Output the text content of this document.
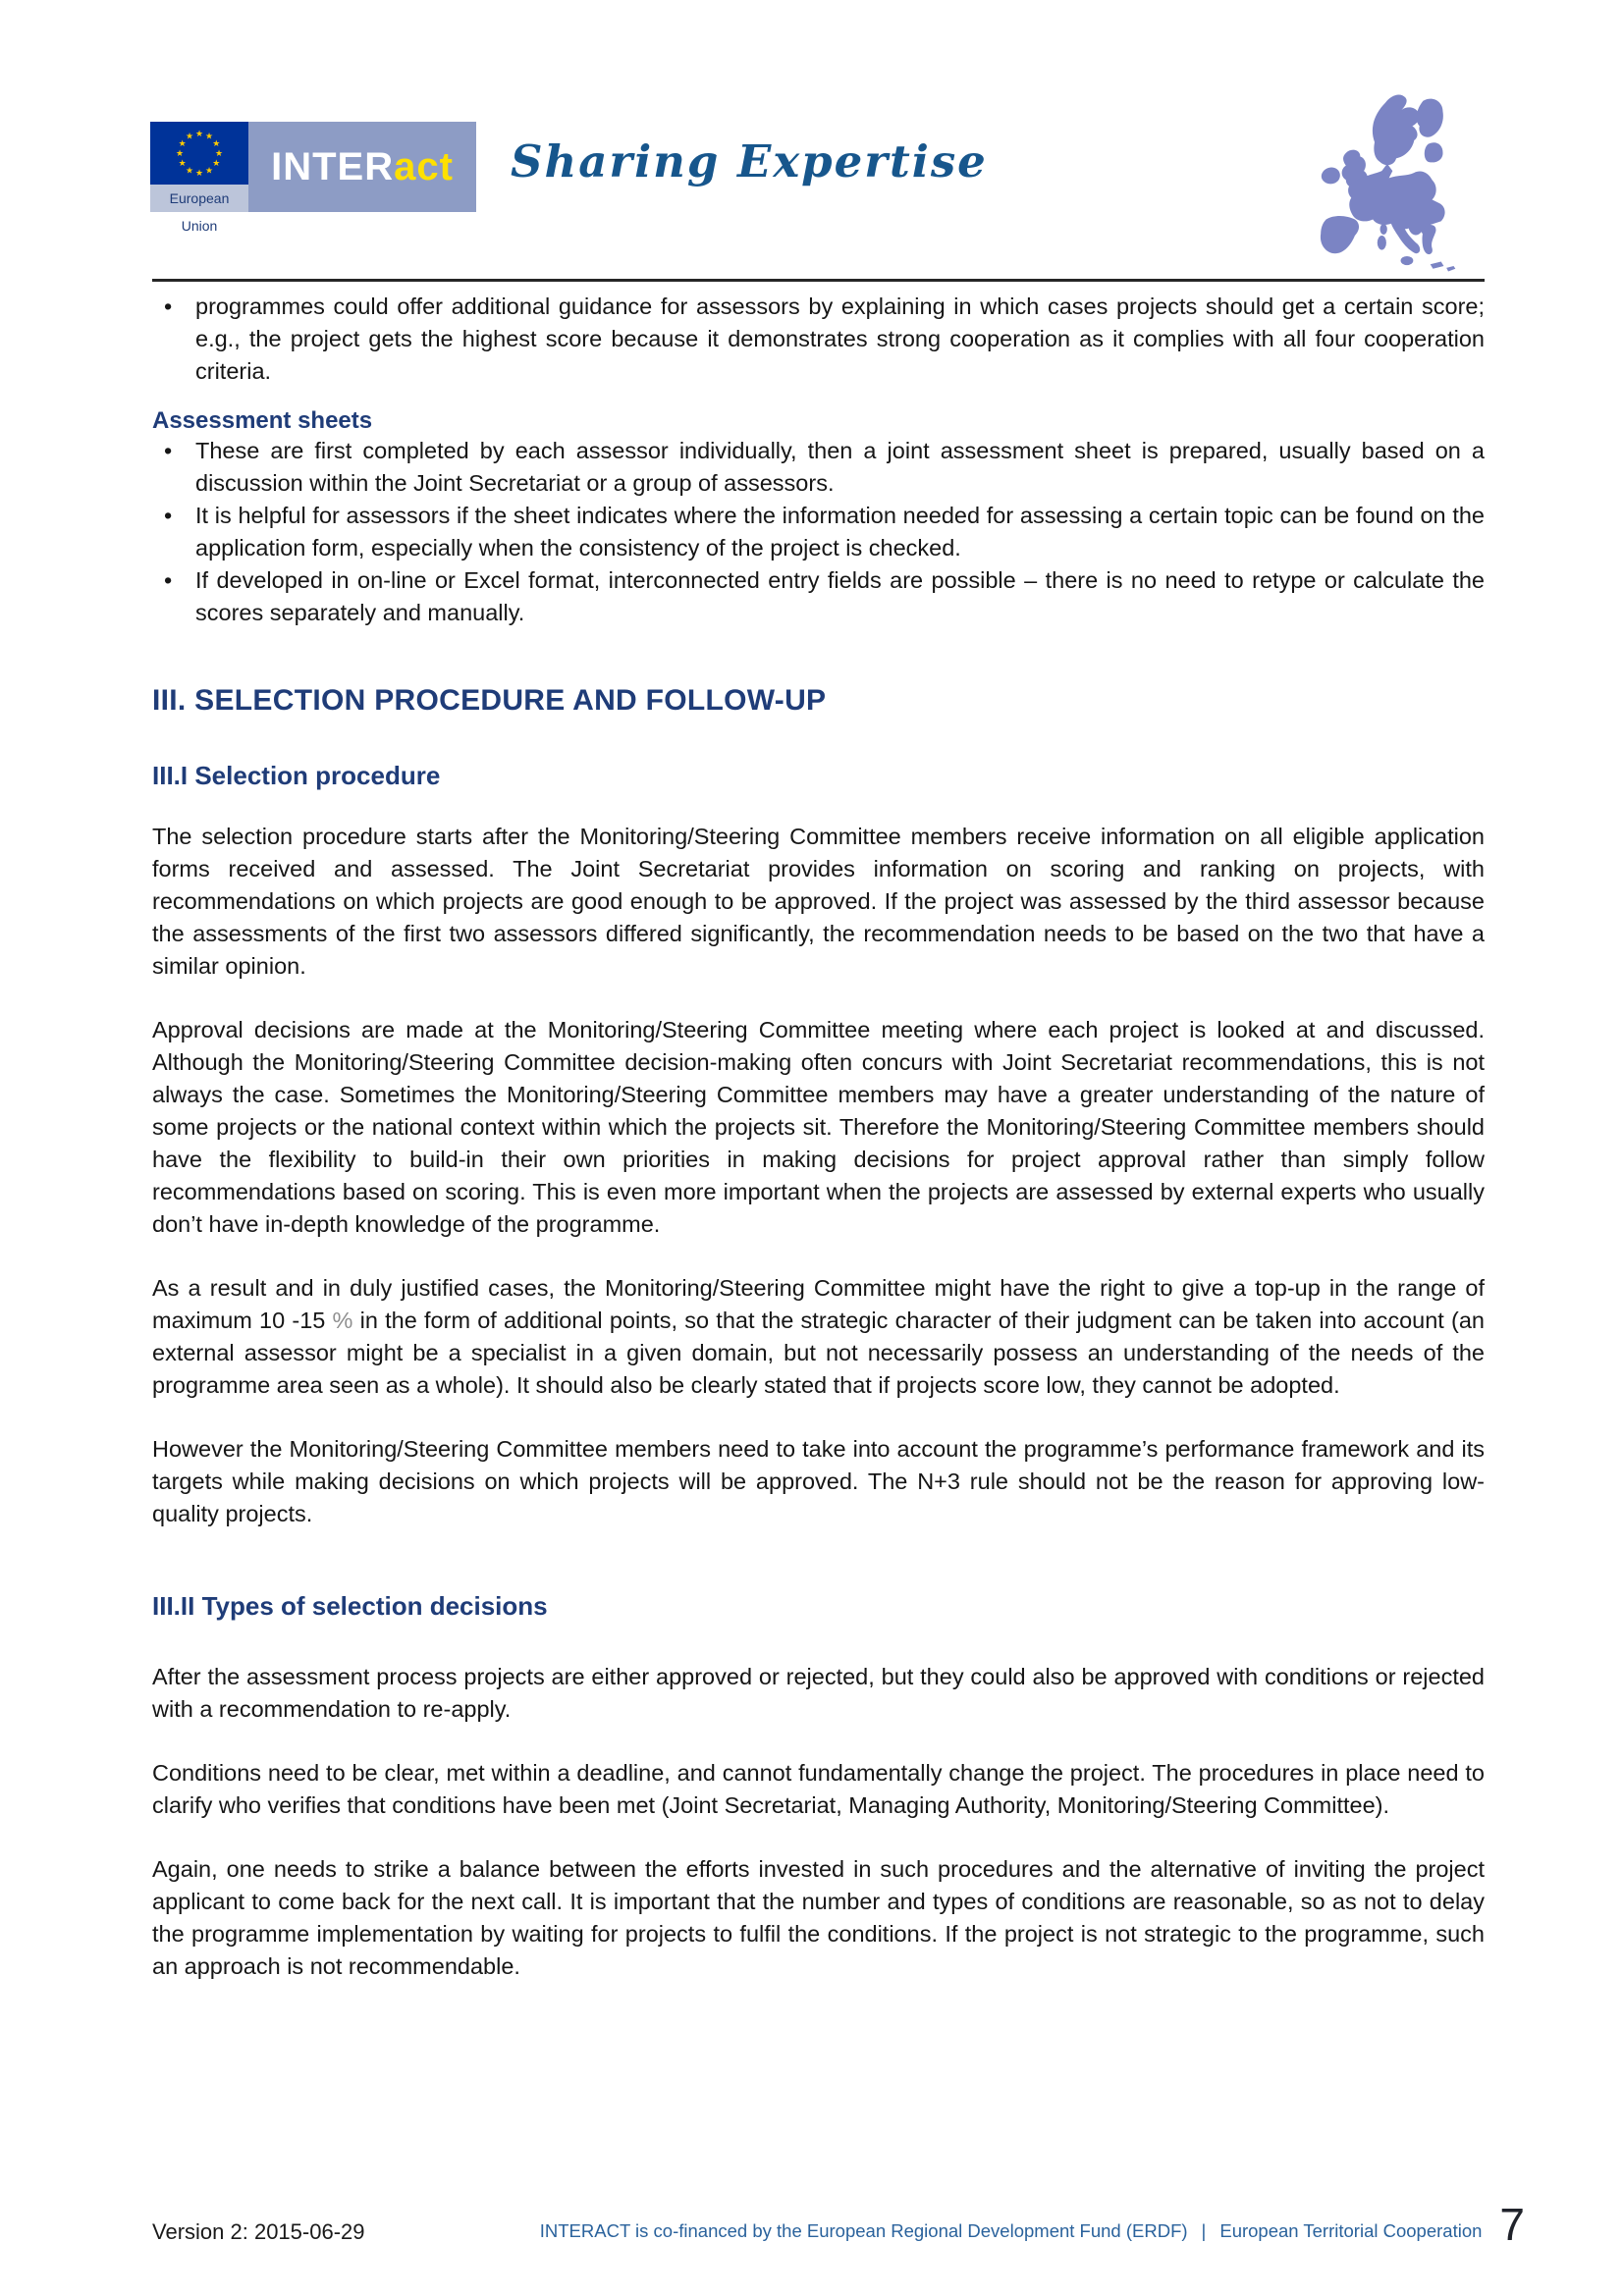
★ ★
★
★
★
★
★
★
★
★
★
★
European Union
INTER act Sharing Expertise
• programmes could offer additional guidance for assessors by explaining in which cases projects should get a certain score; e.g., the project gets the highest score because it demonstrates strong cooperation as it complies with all four cooperation criteria.
Assessment sheets
• These are first completed by each assessor individually, then a joint assessment sheet is prepared, usually based on a discussion within the Joint Secretariat or a group of assessors.
• It is helpful for assessors if the sheet indicates where the information needed for assessing a certain topic can be found on the application form, especially when the consistency of the project is checked.
• If developed in on-line or Excel format, interconnected entry fields are possible – there is no need to retype or calculate the scores separately and manually.
III. SELECTION PROCEDURE AND FOLLOW-UP
III.I Selection procedure

The selection procedure starts after the Monitoring/Steering Committee members receive information on all eligible application forms received and assessed. The Joint Secretariat provides information on scoring and ranking on projects, with recommendations on which projects are good enough to be approved. If the project was assessed by the third assessor because the assessments of the first two assessors differed significantly, the recommendation needs to be based on the two that have a similar opinion.

Approval decisions are made at the Monitoring/Steering Committee meeting where each project is looked at and discussed. Although the Monitoring/Steering Committee decision-making often concurs with Joint Secretariat recommendations, this is not always the case. Sometimes the Monitoring/Steering Committee members may have a greater understanding of the nature of some projects or the national context within which the projects sit. Therefore the Monitoring/Steering Committee members should have the flexibility to build-in their own priorities in making decisions for project approval rather than simply follow recommendations based on scoring. This is even more important when the projects are assessed by external experts who usually don’t have in-depth knowledge of the programme.

As a result and in duly justified cases, the Monitoring/Steering Committee might have the right to give a top-up in the range of maximum 10 -15 % in the form of additional points, so that the strategic character of their judgment can be taken into account (an external assessor might be a specialist in a given domain, but not necessarily possess an understanding of the needs of the programme area seen as a whole). It should also be clearly stated that if projects score low, they cannot be adopted.

However the Monitoring/Steering Committee members need to take into account the programme’s performance framework and its targets while making decisions on which projects will be approved. The N+3 rule should not be the reason for approving low-quality projects.

III.II Types of selection decisions

After the assessment process projects are either approved or rejected, but they could also be approved with conditions or rejected with a recommendation to re-apply.

Conditions need to be clear, met within a deadline, and cannot fundamentally change the project. The procedures in place need to clarify who verifies that conditions have been met (Joint Secretariat, Managing Authority, Monitoring/Steering Committee).

Again, one needs to strike a balance between the efforts invested in such procedures and the alternative of inviting the project applicant to come back for the next call. It is important that the number and types of conditions are reasonable, so as not to delay the programme implementation by waiting for projects to fulfil the conditions. If the project is not strategic to the programme, such an approach is not recommendable.

Version 2: 2015-06-29	INTERACT is co-financed by the European Regional Development Fund (ERDF) | European Territorial Cooperation 7
